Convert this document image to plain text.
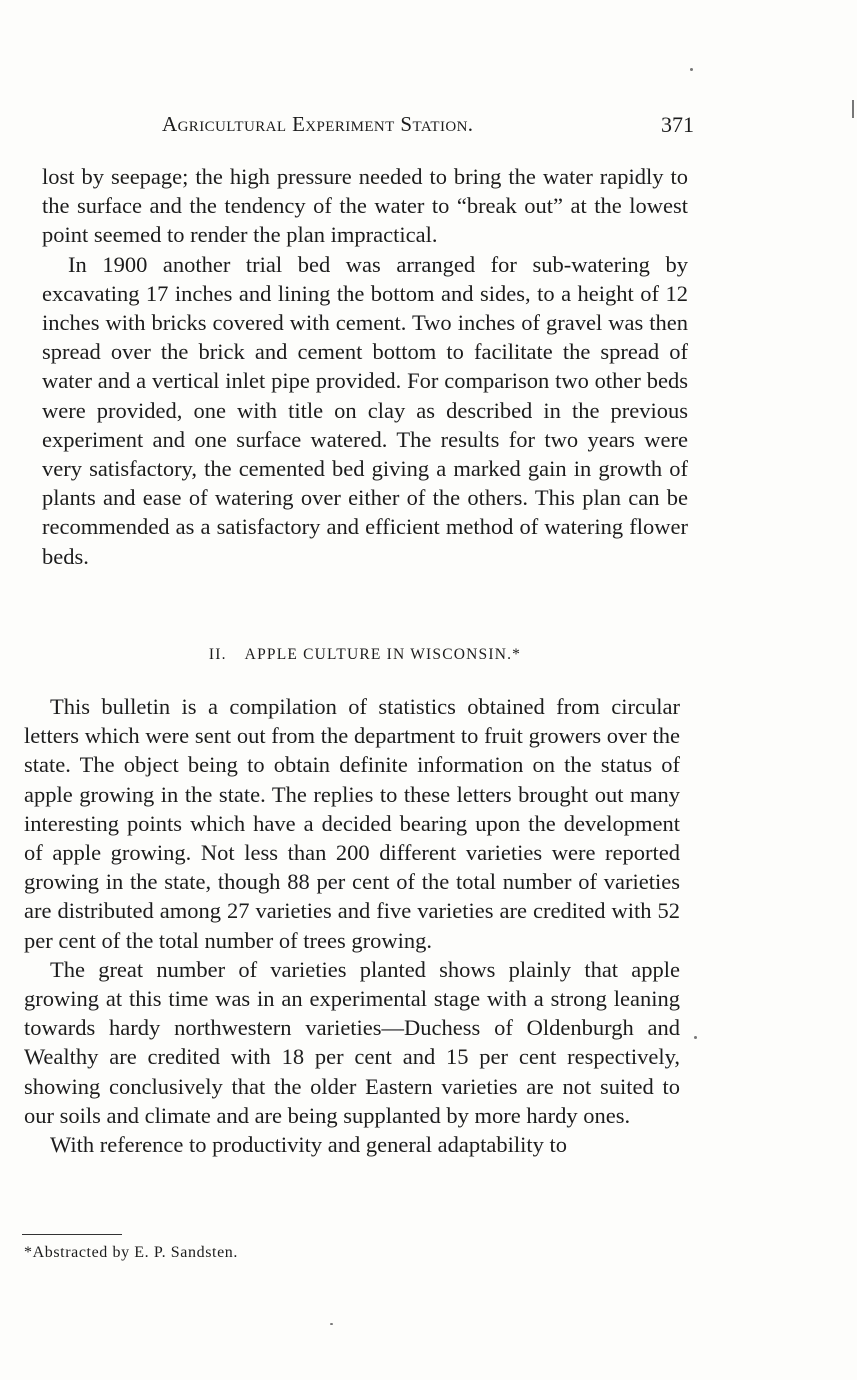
Agricultural Experiment Station.	371

lost by seepage; the high pressure needed to bring the water rapidly to the surface and the tendency of the water to “break out” at the lowest point seemed to render the plan impractical.

In 1900 another trial bed was arranged for sub-watering by excavating 17 inches and lining the bottom and sides, to a height of 12 inches with bricks covered with cement. Two inches of gravel was then spread over the brick and cement bottom to facilitate the spread of water and a vertical inlet pipe provided. For comparison two other beds were provided, one with title on clay as described in the previous experiment and one surface watered. The results for two years were very satisfactory, the cemented bed giving a marked gain in growth of plants and ease of watering over either of the others. This plan can be recommended as a satisfactory and efficient method of watering flower beds.

II. APPLE CULTURE IN WISCONSIN.*

This bulletin is a compilation of statistics obtained from circular letters which were sent out from the department to fruit growers over the state. The object being to obtain definite information on the status of apple growing in the state. The replies to these letters brought out many interesting points which have a decided bearing upon the development of apple growing. Not less than 200 different varieties were reported growing in the state, though 88 per cent of the total number of varieties are distributed among 27 varieties and five varieties are credited with 52 per cent of the total number of trees growing.

The great number of varieties planted shows plainly that apple growing at this time was in an experimental stage with a strong leaning towards hardy northwestern varieties—Duchess of Oldenburgh and Wealthy are credited with 18 per cent and 15 per cent respectively, showing conclusively that the older Eastern varieties are not suited to our soils and climate and are being supplanted by more hardy ones.

With reference to productivity and general adaptability to

*Abstracted by E. P. Sandsten.
